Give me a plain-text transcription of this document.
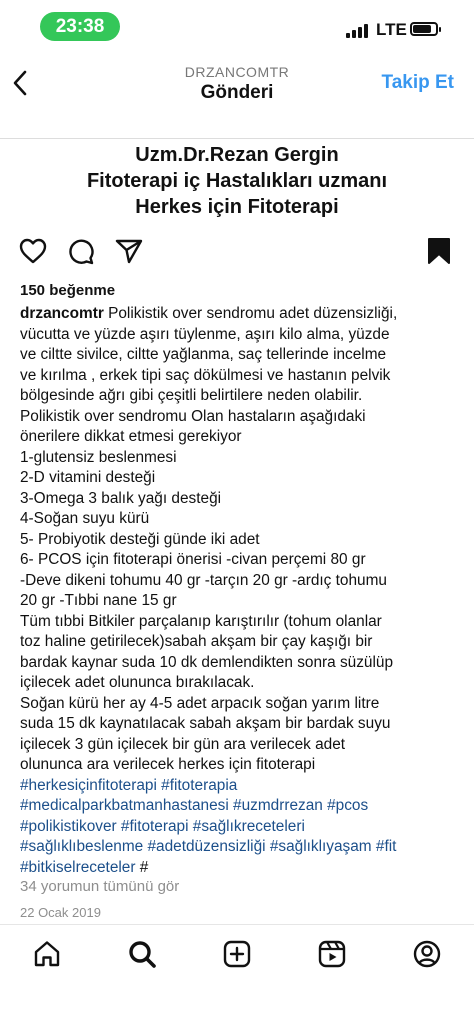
23:38	LTE
DRZANCOMTR
Gönderi	Takip Et
Uzm.Dr.Rezan Gergin
Fitoterapi iç Hastalıkları uzmanı
Herkes için Fitoterapi
150 beğenme
drzancomtr Polikistik over sendromu adet düzensizliği,
vücutta ve yüzde aşırı tüylenme, aşırı kilo alma, yüzde
ve ciltte sivilce, ciltte yağlanma, saç tellerinde incelme
ve kırılma , erkek tipi saç dökülmesi ve hastanın pelvik
bölgesinde ağrı gibi çeşitli belirtilere neden olabilir.
Polikistik over sendromu Olan hastaların aşağıdaki
önerilere dikkat etmesi gerekiyor
1-glutensiz beslenmesi
2-D vitamini desteği
3-Omega 3 balık yağı desteği
4-Soğan suyu kürü
5- Probiyotik desteği günde iki adet
6- PCOS için fitoterapi önerisi -civan perçemi 80 gr
-Deve dikeni tohumu 40 gr -tarçın 20 gr -ardıç tohumu
20 gr -Tıbbi nane 15 gr
Tüm tıbbi Bitkiler parçalanıp karıştırılır (tohum olanlar
toz haline getirilecek)sabah akşam bir çay kaşığı bir
bardak kaynar suda 10 dk demlendikten sonra süzülüp
içilecek adet olununca bırakılacak.
Soğan kürü her ay 4-5 adet arpacık soğan yarım litre
suda 15 dk kaynatılacak sabah akşam bir bardak suyu
içilecek 3 gün içilecek bir gün ara verilecek adet
olununca ara verilecek herkes için fitoterapi
#herkesiçinfitoterapi #fitoterapia
#medicalparkbatmanhastanesi #uzmdrrezan #pcos
#polikistikover #fitoterapi #sağlıkreceteleri
#sağlıklıbeslenme #adetdüzensizliği #sağlıklıyaşam #fit
#bitkiselreceteler #
34 yorumun tümünü gör
22 Ocak 2019
